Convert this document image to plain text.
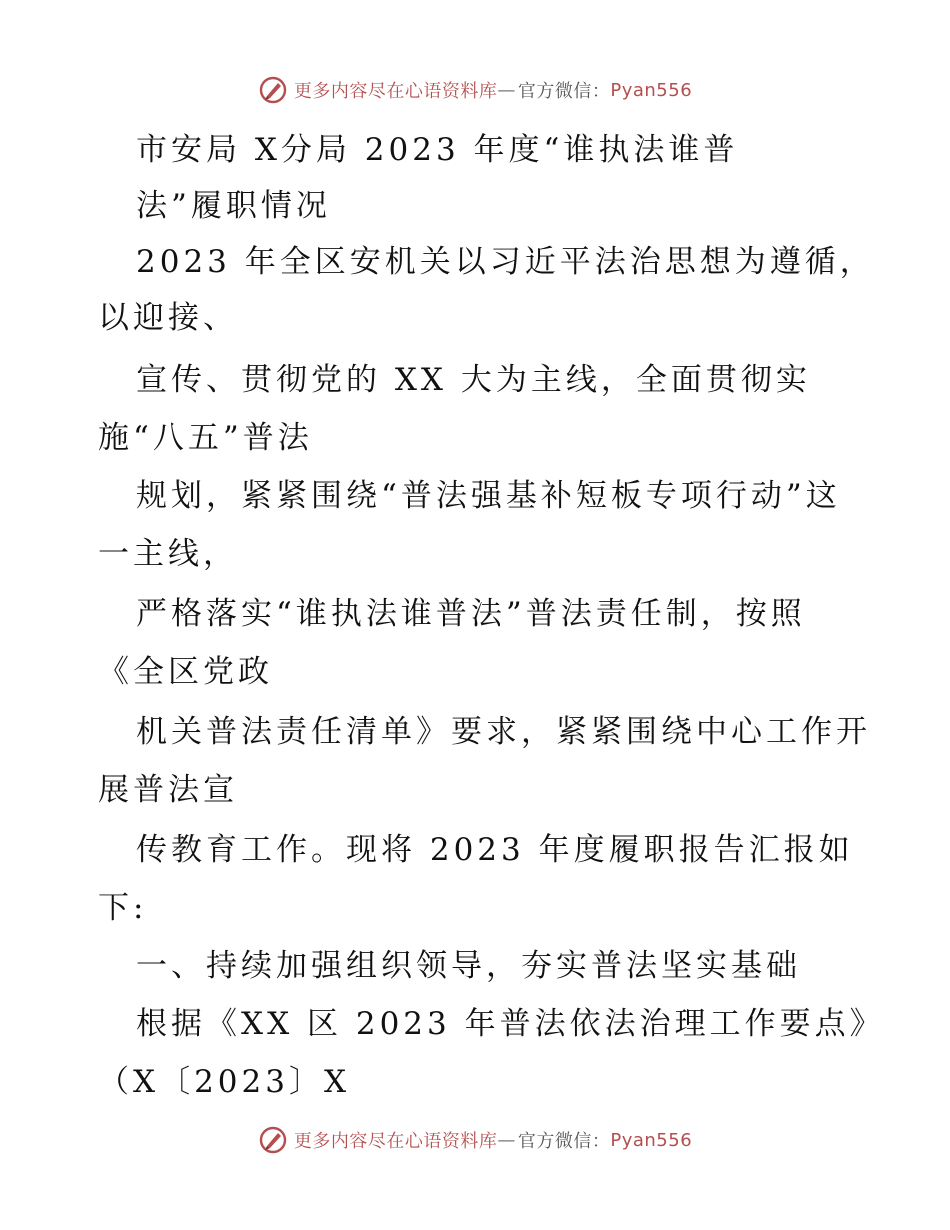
更多内容尽在心语资料库 — 官方微信： Pyan556
市安局 X分局 2023 年度“谁执法谁普
法”履职情况
2023 年全区安机关以习近平法治思想为遵循，
以迎接、
宣传、贯彻党的 XX 大为主线，全面贯彻实
施“八五”普法
规划，紧紧围绕“普法强基补短板专项行动”这
一主线，
严格落实“谁执法谁普法”普法责任制，按照
《全区党政
机关普法责任清单》要求，紧紧围绕中心工作开
展普法宣
传教育工作。现将 2023 年度履职报告汇报如
下:
一、持续加强组织领导，夯实普法坚实基础
根据《XX 区 2023 年普法依法治理工作要点》
（X〔2023〕X
更多内容尽在心语资料库 — 官方微信： Pyan556
